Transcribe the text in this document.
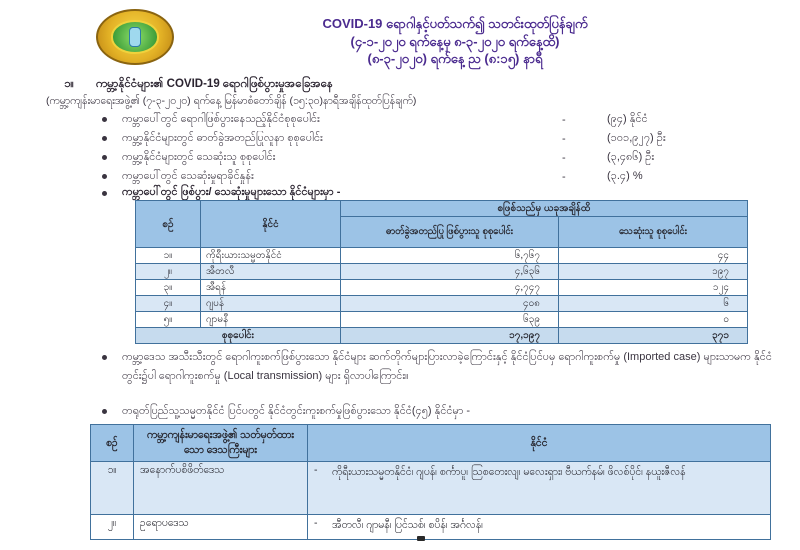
COVID-19 ရောဂါနှင့်ပတ်သက်၍ သတင်းထုတ်ပြန်ချက်
(၄-၁-၂၀၂၀ ရက်နေ့မှ ၈-၃-၂၀၂၀ ရက်နေ့ထိ)
(၈-၃-၂၀၂၀) ရက်နေ့ ည (၈:၁၅) နာရီ
၁။ ကမ္ဘာ့နိုင်ငံများ၏ COVID-19 ရောဂါဖြစ်ပွားမှုအခြေအနေ
(ကမ္ဘာ့ကျန်းမာရေးအဖွဲ့၏ (၇-၃-၂၀၂၀) ရက်နေ့ မြန်မာစံတော်ချိန် (၁၅:၃၀)နာရီအချိန်ထုတ်ပြန်ချက်)
ကမ္ဘာပေါ်တွင် ရောဂါဖြစ်ပွားနေသည့်နိုင်ငံစုစုပေါင်း	-	(၉၄) နိုင်ငံ
ကမ္ဘာ့နိုင်ငံများတွင် ဓာတ်ခွဲအတည်ပြုလူနာ စုစုပေါင်း	-	(၁၀၁,၉၂၇) ဦး
ကမ္ဘာ့နိုင်ငံများတွင် သေဆုံးသူ စုစုပေါင်း	-	(၃,၄၈၆) ဦး
ကမ္ဘာပေါ်တွင် သေဆုံးမှုရာခိုင်နှုန်း	-	(၃.၄) %
ကမ္ဘာပေါ်တွင် ဖြစ်ပွား/ သေဆုံးမှုများသော နိုင်ငံများမှာ -
စဉ်	နိုင်ငံ	စဖြစ်သည်မှ ယခုအချိန်ထိ	
		ဓာတ်ခွဲအတည်ပြု ဖြစ်ပွားသူ စုစုပေါင်း	သေဆုံးသူ စုစုပေါင်း
၁။	ကိုရီးယားသမ္မတနိုင်ငံ	၆,၇၆၇	၄၄
၂။	အီတလီ	၄,၆၃၆	၁၉၇
၃။	အီရန်	၄,၇၄၇	၁၂၄
၄။	ဂျပန်	၄၀၈	၆
၅။	ဂျာမနီ	၆၃၉	၀
စုစုပေါင်း		၁၇,၁၉၇	၃၇၁
ကမ္ဘာ့ဒေသ အသီးသီးတွင် ရောဂါကူးစက်ဖြစ်ပွားသော နိုင်ငံများ ဆက်တိုက်များပြားလာခဲ့ကြောင်းနှင့် နိုင်ငံပြင်ပမှ ရောဂါကူးစက်မှု (Imported case) များသာမက နိုင်ငံတွင်း၌ပါ ရောဂါကူးစက်မှု (Local transmission) များ ရှိလာပါကြောင်း။
တရုတ်ပြည်သူ့သမ္မတနိုင်ငံ ပြင်ပတွင် နိုင်ငံတွင်းကူးစက်မှုဖြစ်ပွားသော နိုင်ငံ(၄၅) နိုင်ငံမှာ -
စဉ်	ကမ္ဘာ့ကျန်းမာရေးအဖွဲ့၏ သတ်မှတ်ထားသော ဒေသကြီးများ	နိုင်ငံ
၁။	အနောက်ပစိဖိတ်ဒေသ	- ကိုရီးယားသမ္မတနိုင်ငံ၊ ဂျပန်၊ စင်္ကာပူ၊ ဩစတေးလျ၊ မလေးရှား၊ ဗီယက်နမ်၊ ဖိလစ်ပိုင်၊ နယူးဇီလန်

၂။	ဥရောပဒေသ	- အီတလီ၊ ဂျာမနီ၊ ပြင်သစ်၊ စပိန်၊ အင်္ဂလန်၊
